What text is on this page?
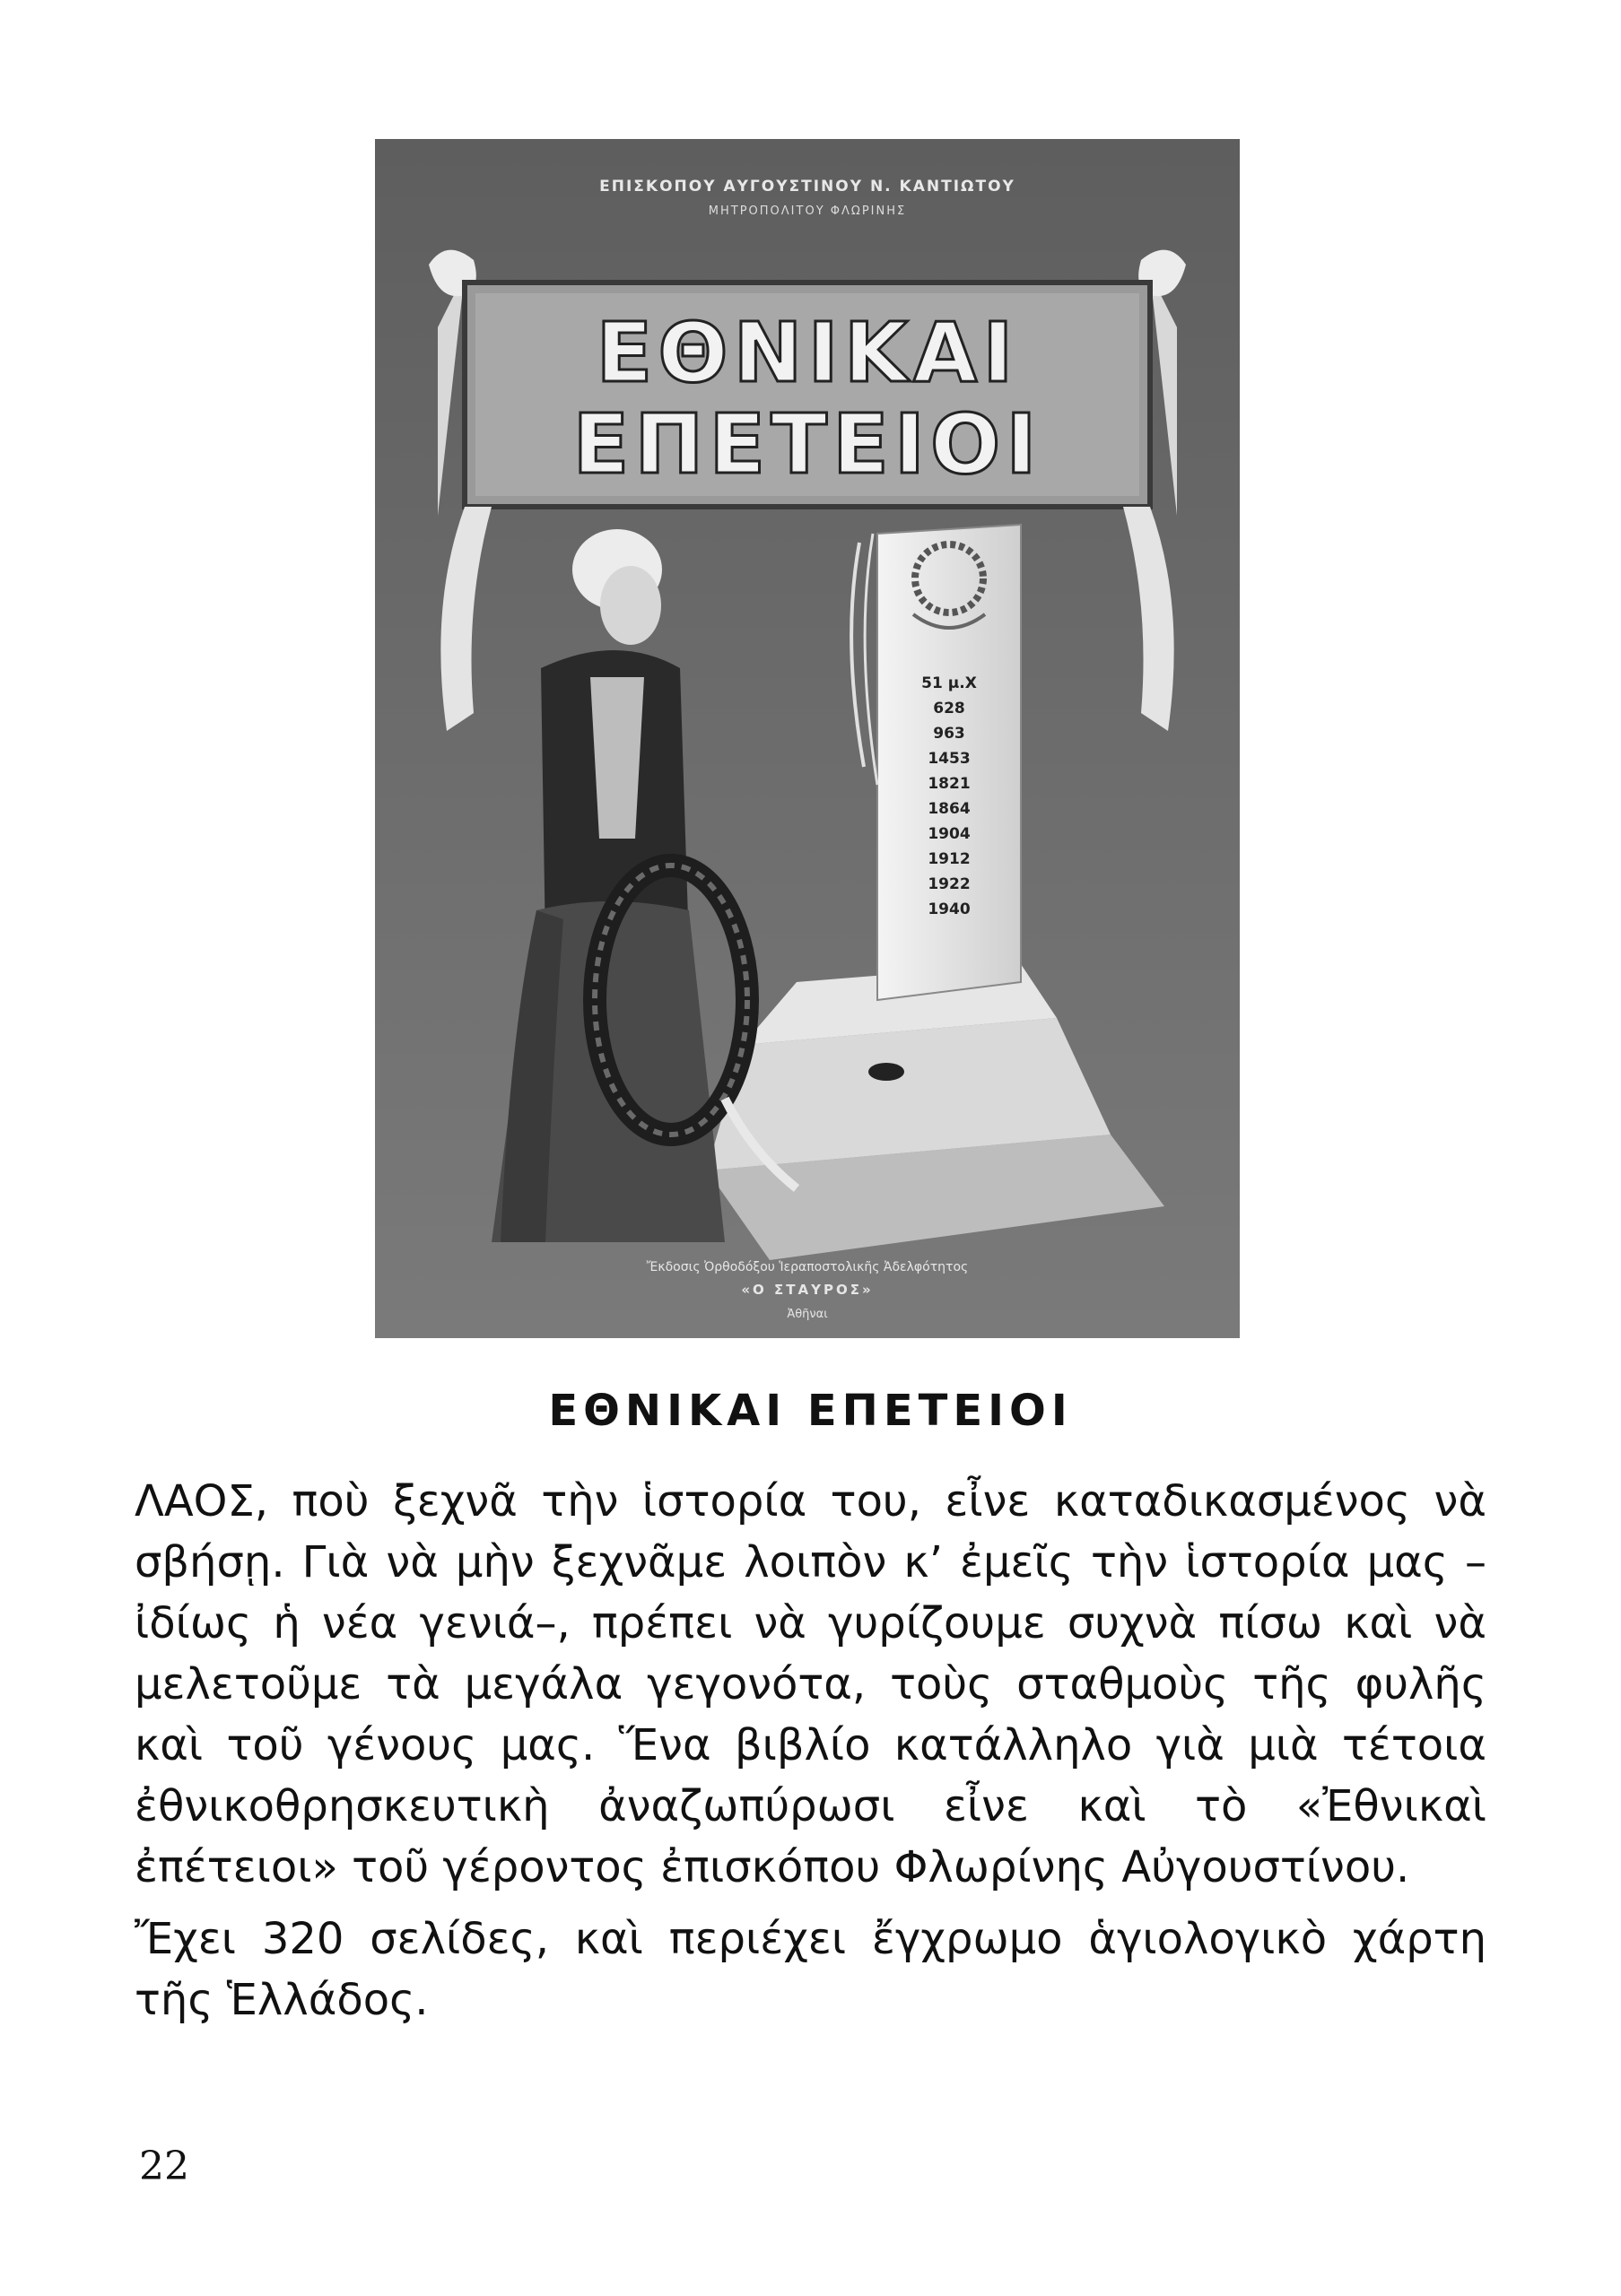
ΕΠΙΣΚΟΠΟΥ ΑΥΓΟΥΣΤΙΝΟΥ Ν. ΚΑΝΤΙΩΤΟΥ
ΜΗΤΡΟΠΟΛΙΤΟΥ ΦΛΩΡΙΝΗΣ
ΕΘΝΙΚΑΙ
ΕΠΕΤΕΙΟΙ
51 μ.Χ
628
963
1453
1821
1864
1904
1912
1922
1940
Ἔκδοσις Ὀρθοδόξου Ἱεραποστολικῆς Ἀδελφότητος
«Ο ΣΤΑΥΡΟΣ»
Ἀθῆναι
ΕΘΝΙΚΑΙ ΕΠΕΤΕΙΟΙ

ΛΑΟΣ, ποὺ ξεχνᾶ τὴν ἱστορία του, εἶνε καταδικασμένος νὰ σβήσῃ. Γιὰ νὰ μὴν ξεχνᾶμε λοιπὸν κ’ ἐμεῖς τὴν ἱστορία μας –ἰδίως ἡ νέα γενιά–, πρέπει νὰ γυρίζουμε συχνὰ πίσω καὶ νὰ μελετοῦμε τὰ μεγάλα γεγονότα, τοὺς σταθμοὺς τῆς φυλῆς καὶ τοῦ γένους μας. Ἕνα βιβλίο κατάλληλο γιὰ μιὰ τέτοια ἐθνικοθρησκευτικὴ ἀναζωπύρωσι εἶνε καὶ τὸ «Ἐθνικαὶ ἐπέτειοι» τοῦ γέροντος ἐπισκόπου Φλωρίνης Αὐγουστίνου.

Ἔχει 320 σελίδες, καὶ περιέχει ἔγχρωμο ἁγιολογικὸ χάρτη τῆς Ἑλλάδος.

22
